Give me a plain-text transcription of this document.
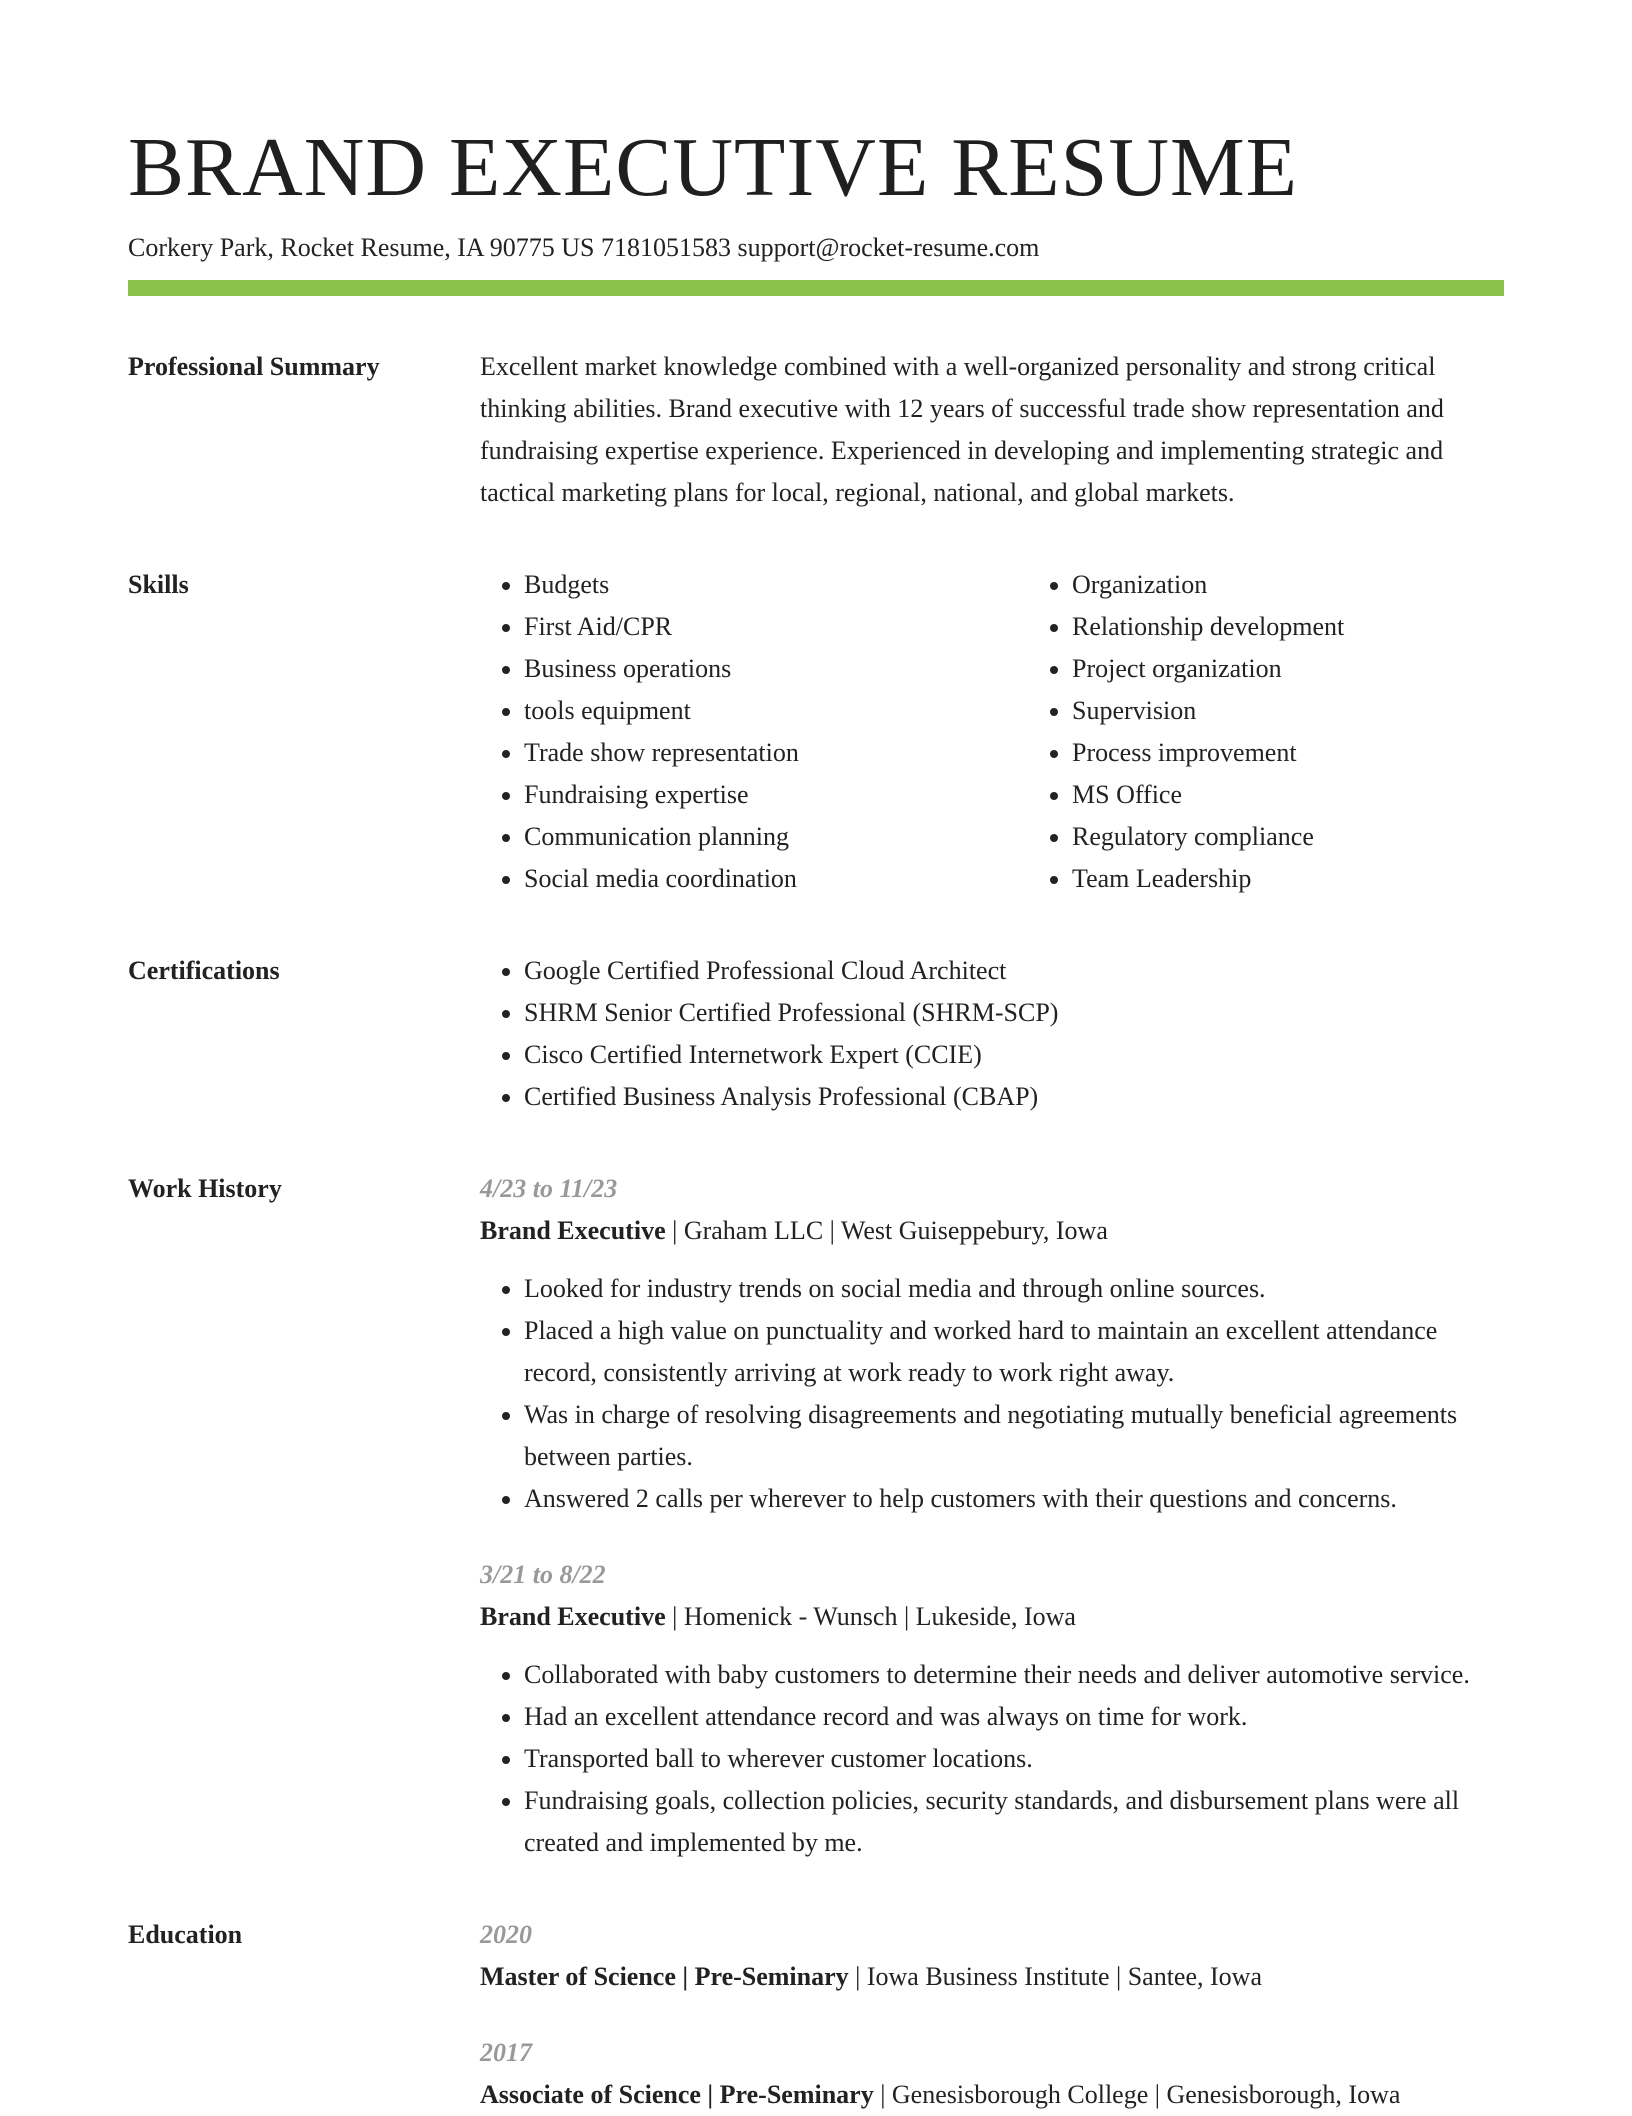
BRAND EXECUTIVE RESUME
Corkery Park, Rocket Resume, IA 90775 US 7181051583 support@rocket-resume.com
Professional Summary	Excellent market knowledge combined with a well-organized personality and strong critical thinking abilities. Brand executive with 12 years of successful trade show representation and fundraising expertise experience. Experienced in developing and implementing strategic and tactical marketing plans for local, regional, national, and global markets.

Skills	• Budgets
• First Aid/CPR
• Business operations
• tools equipment
• Trade show representation
• Fundraising expertise
• Communication planning
• Social media coordination
• Organization
• Relationship development
• Project organization
• Supervision
• Process improvement
• MS Office
• Regulatory compliance
• Team Leadership
Certifications	• Google Certified Professional Cloud Architect
• SHRM Senior Certified Professional (SHRM-SCP)
• Cisco Certified Internetwork Expert (CCIE)
• Certified Business Analysis Professional (CBAP)
Work History	4/23 to 11/23
Brand Executive | Graham LLC | West Guiseppebury, Iowa
• Looked for industry trends on social media and through online sources.
• Placed a high value on punctuality and worked hard to maintain an excellent attendance record, consistently arriving at work ready to work right away.
• Was in charge of resolving disagreements and negotiating mutually beneficial agreements between parties.
• Answered 2 calls per wherever to help customers with their questions and concerns.
3/21 to 8/22
Brand Executive | Homenick - Wunsch | Lukeside, Iowa
• Collaborated with baby customers to determine their needs and deliver automotive service.
• Had an excellent attendance record and was always on time for work.
• Transported ball to wherever customer locations.
• Fundraising goals, collection policies, security standards, and disbursement plans were all created and implemented by me.
Education	2020
Master of Science | Pre-Seminary | Iowa Business Institute | Santee, Iowa
2017
Associate of Science | Pre-Seminary | Genesisborough College | Genesisborough, Iowa
